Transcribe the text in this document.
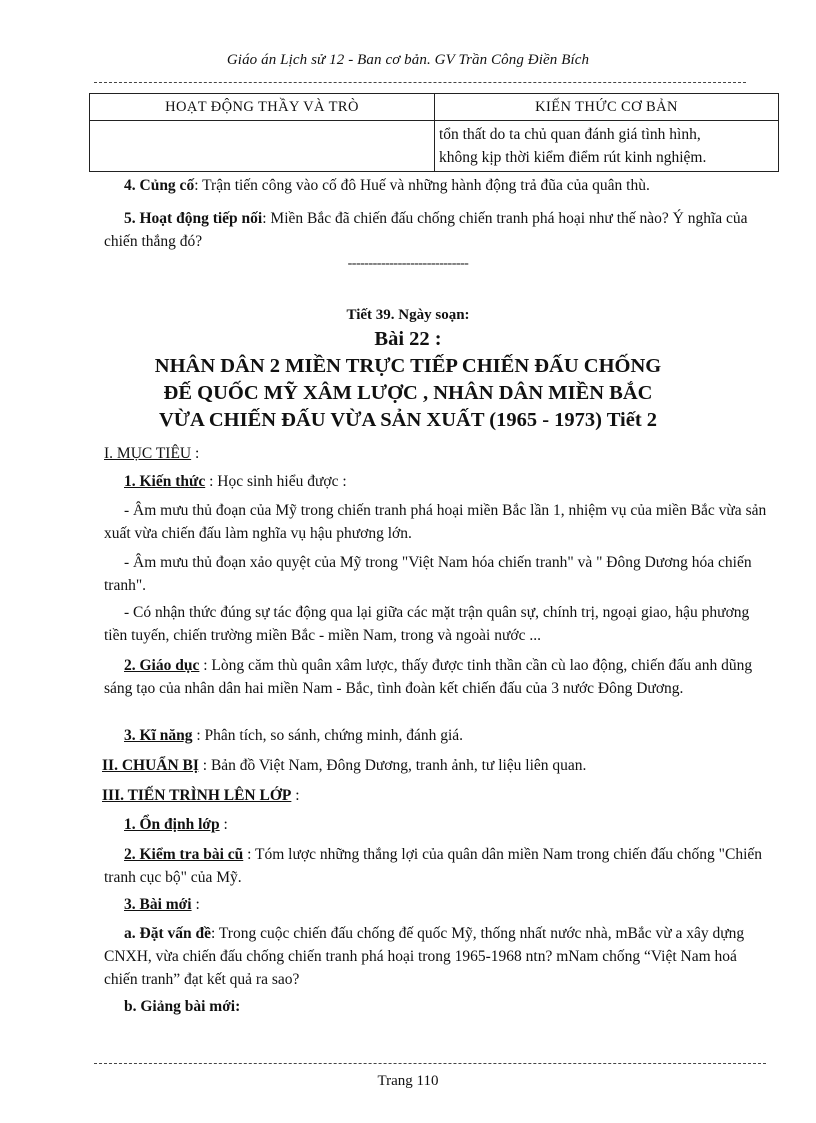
Giáo án Lịch sử 12 - Ban cơ bản. GV Trần Công Điền Bích
HOẠT ĐỘNG THẦY VÀ TRÒ	KIẾN THỨC CƠ BẢN

	tổn thất do ta chủ quan đánh giá tình hình,
không kịp thời kiểm điểm rút kinh nghiệm.
4. Củng cố: Trận tiến công vào cố đô Huế và những hành động trả đũa của quân thù.
5. Hoạt động tiếp nối: Miền Bắc đã chiến đấu chống chiến tranh phá hoại như thế nào? Ý nghĩa của chiến thắng đó?
-----------------------------
Tiết 39. Ngày soạn:
Bài 22 :
NHÂN DÂN 2 MIỀN TRỰC TIẾP CHIẾN ĐẤU CHỐNG
ĐẾ QUỐC MỸ XÂM LƯỢC , NHÂN DÂN MIỀN BẮC
VỪA CHIẾN ĐẤU VỪA SẢN XUẤT (1965 - 1973) Tiết 2
I. MỤC TIÊU :
1. Kiến thức : Học sinh hiểu được :
- Âm mưu thủ đoạn của Mỹ trong chiến tranh phá hoại miền Bắc lần 1, nhiệm vụ của miền Bắc vừa sản xuất vừa chiến đấu làm nghĩa vụ hậu phương lớn.
- Âm mưu thủ đoạn xảo quyệt của Mỹ trong "Việt Nam hóa chiến tranh" và " Đông Dương hóa chiến tranh".
- Có nhận thức đúng sự tác động qua lại giữa các mặt trận quân sự, chính trị, ngoại giao, hậu phương tiền tuyến, chiến trường miền Bắc - miền Nam, trong và ngoài nước ...
2. Giáo dục : Lòng căm thù quân xâm lược, thấy được tinh thần cần cù lao động, chiến đấu anh dũng sáng tạo của nhân dân hai miền Nam - Bắc, tình đoàn kết chiến đấu của 3 nước Đông Dương.
3. Kĩ năng : Phân tích, so sánh, chứng minh, đánh giá.
II. CHUẨN BỊ : Bản đồ Việt Nam, Đông Dương, tranh ảnh, tư liệu liên quan.
III. TIẾN TRÌNH LÊN LỚP :
1. Ổn định lớp :
2. Kiểm tra bài cũ : Tóm lược những thắng lợi của quân dân miền Nam trong chiến đấu chống "Chiến tranh cục bộ" của Mỹ.
3. Bài mới :
a. Đặt vấn đề: Trong cuộc chiến đấu chống đế quốc Mỹ, thống nhất nước nhà, mBắc vừ a xây dựng CNXH, vừa chiến đấu chống chiến tranh phá hoại trong 1965-1968 ntn? mNam chống “Việt Nam hoá chiến tranh” đạt kết quả ra sao?
b. Giảng bài mới:
Trang 110
